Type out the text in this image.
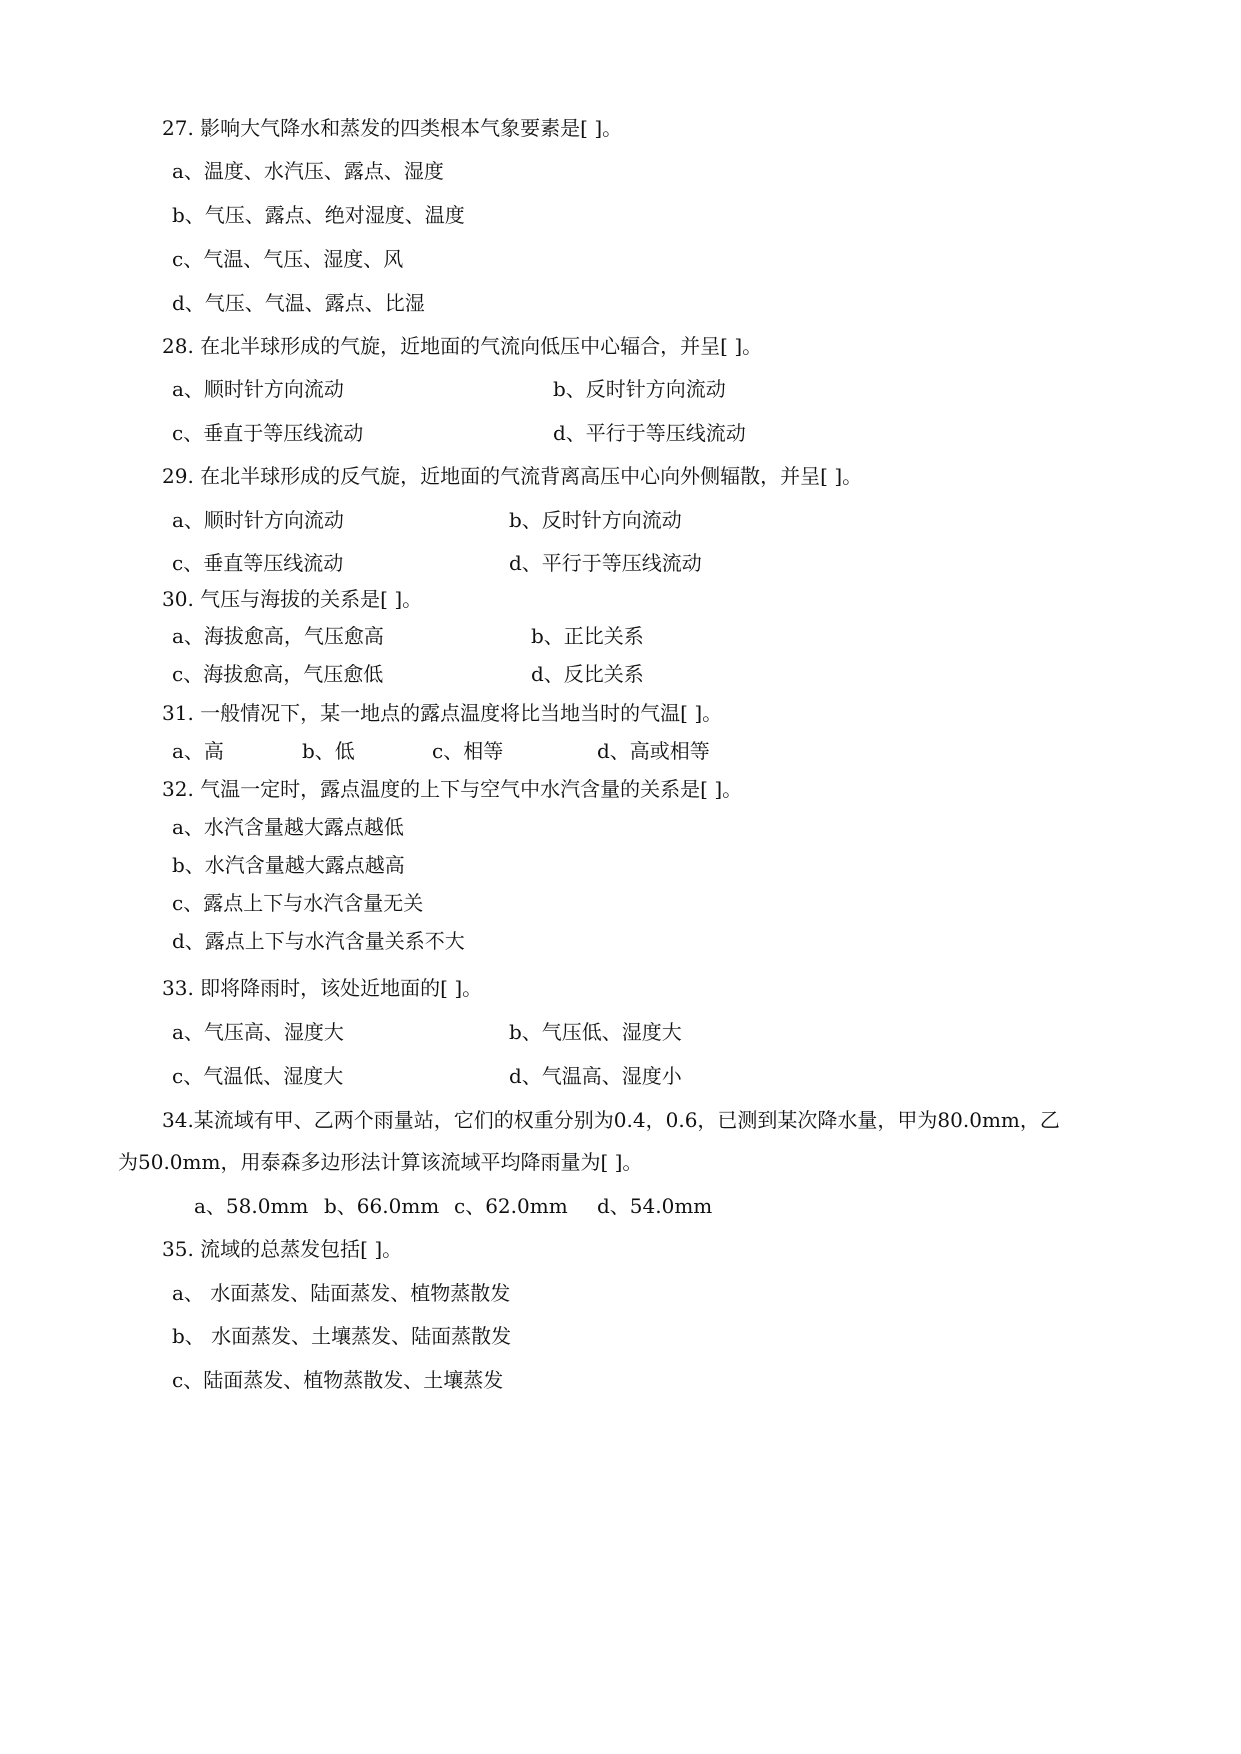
27. 影响大气降水和蒸发的四类根本气象要素是[ ]。
a、温度、水汽压、露点、湿度
b、气压、露点、绝对湿度、温度
c、气温、气压、湿度、风
d、气压、气温、露点、比湿
28. 在北半球形成的气旋，近地面的气流向低压中心辐合，并呈[ ]。
a、顺时针方向流动	b、反时针方向流动
c、垂直于等压线流动	d、平行于等压线流动
29. 在北半球形成的反气旋，近地面的气流背离高压中心向外侧辐散，并呈[ ]。
a、顺时针方向流动	b、反时针方向流动
c、垂直等压线流动	d、平行于等压线流动
30. 气压与海拔的关系是[ ]。
a、海拔愈高，气压愈高	b、正比关系
c、海拔愈高，气压愈低	d、反比关系
31. 一般情况下，某一地点的露点温度将比当地当时的气温[ ]。
a、高	b、低	c、相等	d、高或相等
32. 气温一定时，露点温度的上下与空气中水汽含量的关系是[ ]。
a、水汽含量越大露点越低
b、水汽含量越大露点越高
c、露点上下与水汽含量无关
d、露点上下与水汽含量关系不大
33. 即将降雨时，该处近地面的[ ]。
a、气压高、湿度大	b、气压低、湿度大
c、气温低、湿度大	d、气温高、湿度小
34.某流域有甲、乙两个雨量站，它们的权重分别为0.4，0.6，已测到某次降水量，甲为80.0mm，乙
为50.0mm，用泰森多边形法计算该流域平均降雨量为[ ]。
a、58.0mm b、66.0mm c、62.0mm d、54.0mm
35. 流域的总蒸发包括[ ]。
a、 水面蒸发、陆面蒸发、植物蒸散发
b、 水面蒸发、土壤蒸发、陆面蒸散发
c、陆面蒸发、植物蒸散发、土壤蒸发
